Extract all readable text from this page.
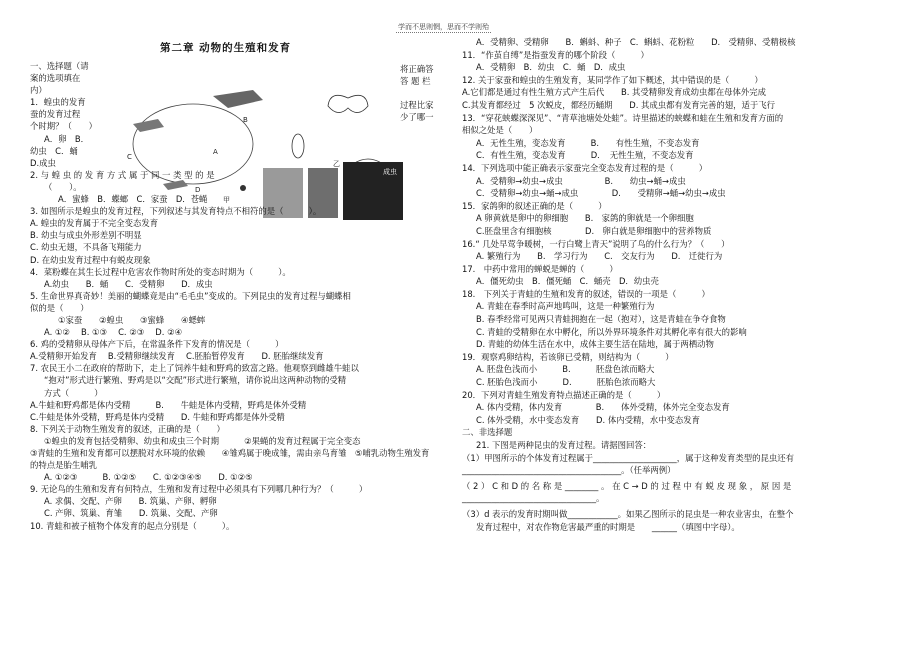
学而不思则惘，思而不学则殆
第二章 动物的生殖和发育
将正确答
答 题 栏
过程比家
少了哪一
A
B
C
D
甲
乙
成虫
一、选择题（请
案的选项填在
内）
1．蝗虫的发育
蚕的发育过程
个时期？（　　）
A．卵　B．
幼虫　C．蛹
D.成虫
2. 与 蝗 虫 的 发 育 方 式 属 于 同 一 类 型 的 是
（　　）。
A．蜜蜂　B．蝶螂　C．家蚕　D．苍蝇
3. 如图所示是蝗虫的发育过程，下列叙述与其发育特点不相符的是（　　　）。
A. 蝗虫的发育属于不完全变态发育
B. 幼虫与成虫外形差别不明显
C. 幼虫无翅，不具备飞翔能力
D. 在幼虫发育过程中有蜕皮现象
4．菜粉蝶在其生长过程中危害农作物时所处的变态时期为（　　　）。
A.幼虫　　B．蛹　　C．受精卵　　D．成虫
5. 生命世界真奇妙！美丽的蝴蝶竟是由“毛毛虫”变成的。下列昆虫的发育过程与蝴蝶相
似的是（　　）
①家蚕　　②蝗虫　　③蜜蜂　　④蟋蟀
A. ①②　 B. ①③　 C. ②③　 D. ②④
6. 鸡的受精卵从母体产下后，在常温条件下发育的情况是（　　　）
A.受精卵开始发育　 B.受精卵继续发育　 C.胚胎暂停发育　　D. 胚胎继续发育
7. 农民王小二在政府的帮助下，走上了饲养牛蛙和野鸡的致富之路。他观察到雌雄牛蛙以
“抱对”形式进行繁殖、野鸡是以“交配”形式进行繁殖，请你说出这两种动物的受精
方式（　　　）
A.牛蛙和野鸡都是体内受精　　　B.　　牛蛙是体内受精，野鸡是体外受精
C.牛蛙是体外受精，野鸡是体内受精　　D. 牛蛙和野鸡都是体外受精
8. 下列关于动物生殖发育的叙述，正确的是（　　）
①蝗虫的发育包括受精卵、幼虫和成虫三个时期　　　②果蝇的发育过程属于完全变态
③青蛙的生殖和发育都可以摆脱对水环境的依赖　　④雏鸡属于晚成雏，需由亲鸟育雏　⑤哺乳动物生殖发育
的特点是胎生哺乳
A. ①②③　　　B. ①②⑤　　C. ①②③④⑤　　D. ①②⑤
9. 无论鸟的生殖和发育有何特点，生殖和发育过程中必须具有下列哪几种行为？（　　　）
A. 求偶、交配、产卵　　B. 筑巢、产卵、孵卵
C. 产卵、筑巢、育雏　　D. 筑巢、交配、产卵
10. 青蛙和被子植物个体发育的起点分别是（　　　）。
A．受精卵、受精卵　　B．蝌蚪、种子　C．蝌蚪、花粉粒　　D.　受精卵、受精极核
11．“作茧自缚”是指蚕发育的哪个阶段（　　　）
A．受精卵　B．幼虫　C．蛹　D．成虫
12. 关于家蚕和蝗虫的生殖发育，某同学作了如下概述，其中错误的是（　　　）
A.它们都是通过有性生殖方式产生后代　　B. 其受精卵发育成幼虫都在母体外完成
C.其发育都经过　5 次蜕皮，都经历蛹期　　D. 其成虫都有发育完善的翅，适于飞行
13．“穿花蛱蝶深深见”、“青草池塘处处蛙”。诗里描述的蛱蝶和蛙在生殖和发育方面的
相似之处是（　　）
A．无性生殖，变态发育　　　B.　　有性生殖，不变态发育
C．有性生殖，变态发育　　　D．　无性生殖，不变态发育
14．下列选项中能正确表示家蚕完全变态发育过程的是（　　　）
A．受精卵→幼虫→成虫　　　　　B.　　幼虫→蛹→成虫
C．受精卵→幼虫→蛹→成虫　　　　D.　　受精卵→蛹→幼虫→成虫
15．家鸽卵的叙述正确的是（　　　）
A 卵黄就是卵中的卵细胞　　B.　家鸽的卵就是一个卵细胞
C.胚盘里含有细胞核　　　　D.　卵白就是卵细胞中的营养物质
16.“ 几处早莺争暖树，一行白鹭上青天”说明了鸟的什么行为？（　　）
A. 繁殖行为　　B.　学习行为　　C.　交友行为　　D.　迁徙行为
17.　中药中常用的蝉蜕是蝉的（　　　）
A．僵死幼虫　B．僵死蛹　C．蛹壳　D．幼虫壳
18.　下列关于青蛙的生殖和发育的叙述，错误的一项是（　　　）
A. 青蛙在春季时高声地鸣叫，这是一种繁殖行为
B. 春季经常可见两只青蛙拥抱在一起（抱对），这是青蛙在争夺食物
C. 青蛙的受精卵在水中孵化，所以外界环境条件对其孵化率有很大的影响
D. 青蛙的幼体生活在水中，成体主要生活在陆地，属于两栖动物
19．观察鸡卵结构，若该卵已受精，则结构为（　　　）
A. 胚盘色浅而小　　　B.　　　胚盘色浓而略大
C. 胚胎色浅而小　　　D.　　　胚胎色浓而略大
20．下列对青蛙生殖发育特点描述正确的是（　　　）
A. 体内受精，体内发育　　　　B.　　体外受精，体外完全变态发育
C. 体外受精，水中变态发育　　D. 体内受精，水中变态发育
二、非选择题
21. 下图是两种昆虫的发育过程。请据图回答：
（1）甲图所示的个体发育过程属于____________________，属于这种发育类型的昆虫还有
______________________________________。（任举两例）
（ 2 ） C 和 D 的 名 称 是 ________ 。 在 C → D 的 过 程 中 有 蜕 皮 现 象 ， 原 因 是
________________________________。
（3）d 表示的发育时期叫做____________。如果乙图所示的昆虫是一种农业害虫，在整个
发育过程中，对农作物危害最严重的时期是　　______（填图中字母）。
